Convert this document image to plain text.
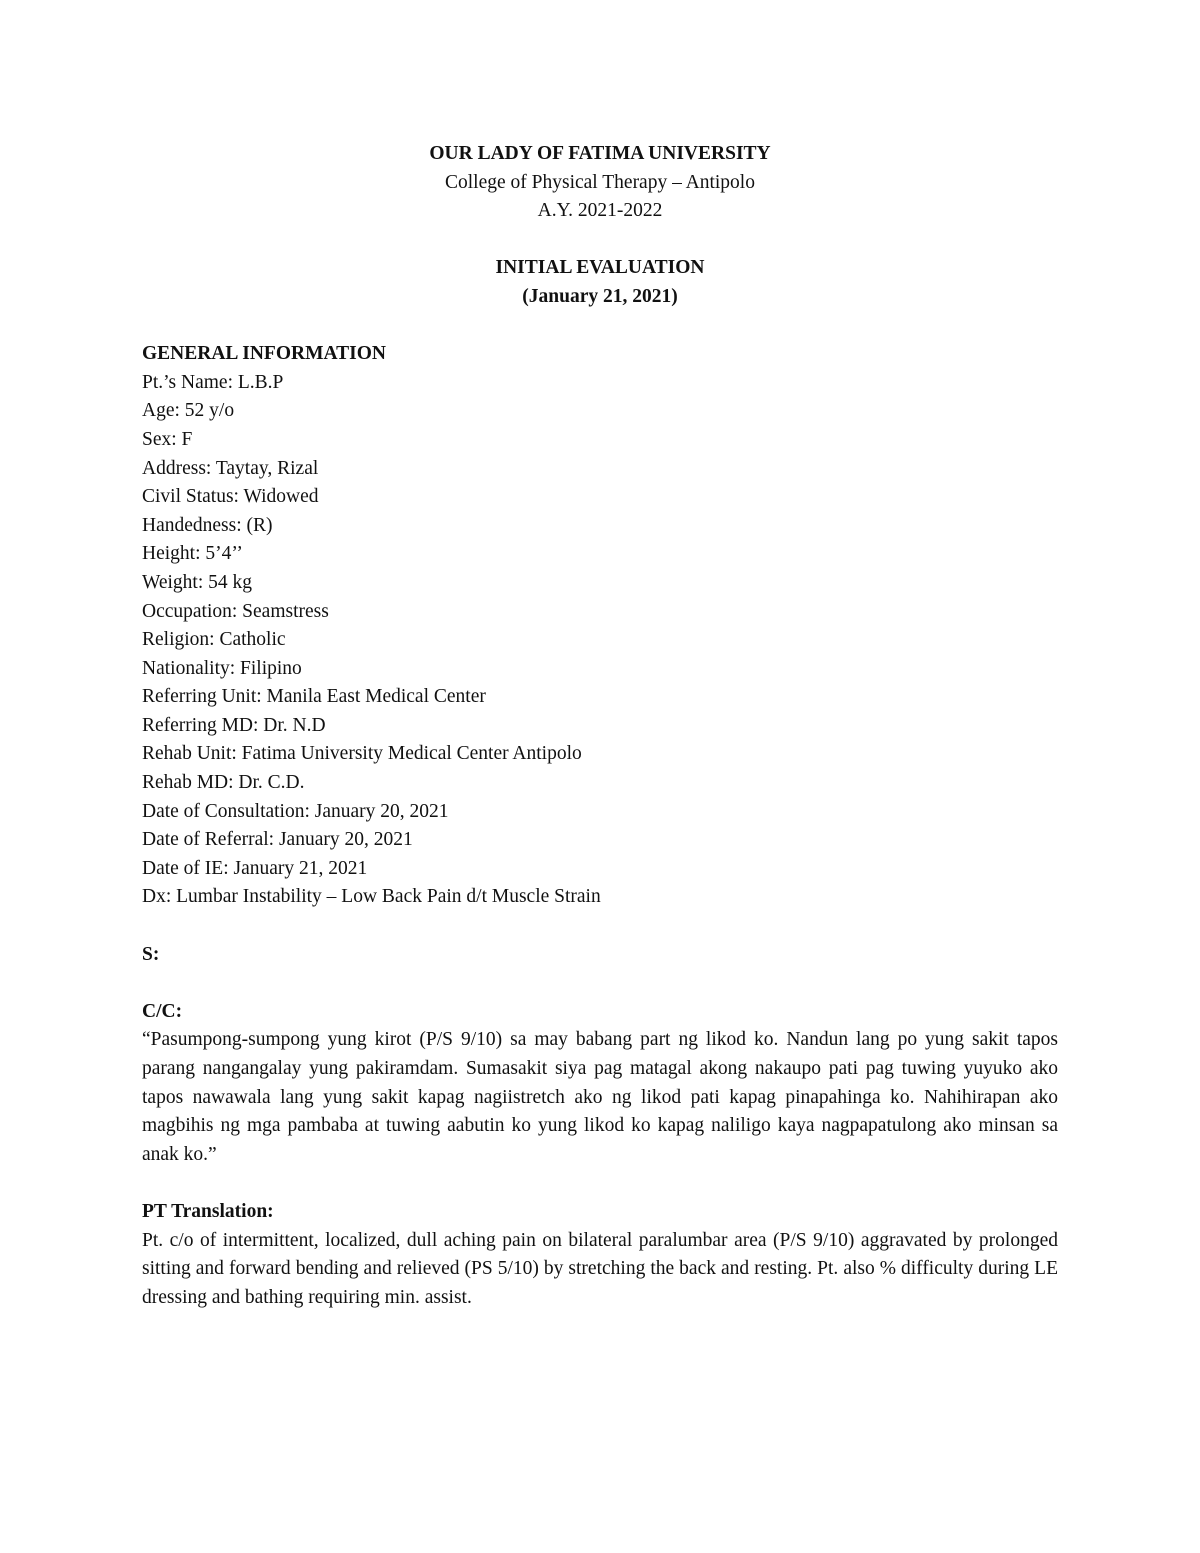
OUR LADY OF FATIMA UNIVERSITY
College of Physical Therapy – Antipolo
A.Y. 2021-2022
INITIAL EVALUATION
(January 21, 2021)
GENERAL INFORMATION
Pt.’s Name: L.B.P
Age: 52 y/o
Sex: F
Address: Taytay, Rizal
Civil Status: Widowed
Handedness: (R)
Height: 5’4’’
Weight: 54 kg
Occupation: Seamstress
Religion: Catholic
Nationality: Filipino
Referring Unit: Manila East Medical Center
Referring MD: Dr. N.D
Rehab Unit: Fatima University Medical Center Antipolo
Rehab MD: Dr. C.D.
Date of Consultation: January 20, 2021
Date of Referral: January 20, 2021
Date of IE: January 21, 2021
Dx: Lumbar Instability – Low Back Pain d/t Muscle Strain
S:
C/C:
“Pasumpong-sumpong yung kirot (P/S 9/10) sa may babang part ng likod ko. Nandun lang po yung sakit tapos parang nangangalay yung pakiramdam. Sumasakit siya pag matagal akong nakaupo pati pag tuwing yuyuko ako tapos nawawala lang yung sakit kapag nagiistretch ako ng likod pati kapag pinapahinga ko. Nahihirapan ako magbihis ng mga pambaba at tuwing aabutin ko yung likod ko kapag naliligo kaya nagpapatulong ako minsan sa anak ko.”
PT Translation:
Pt. c/o of intermittent, localized, dull aching pain on bilateral paralumbar area (P/S 9/10) aggravated by prolonged sitting and forward bending and relieved (PS 5/10) by stretching the back and resting. Pt. also % difficulty during LE dressing and bathing requiring min. assist.
